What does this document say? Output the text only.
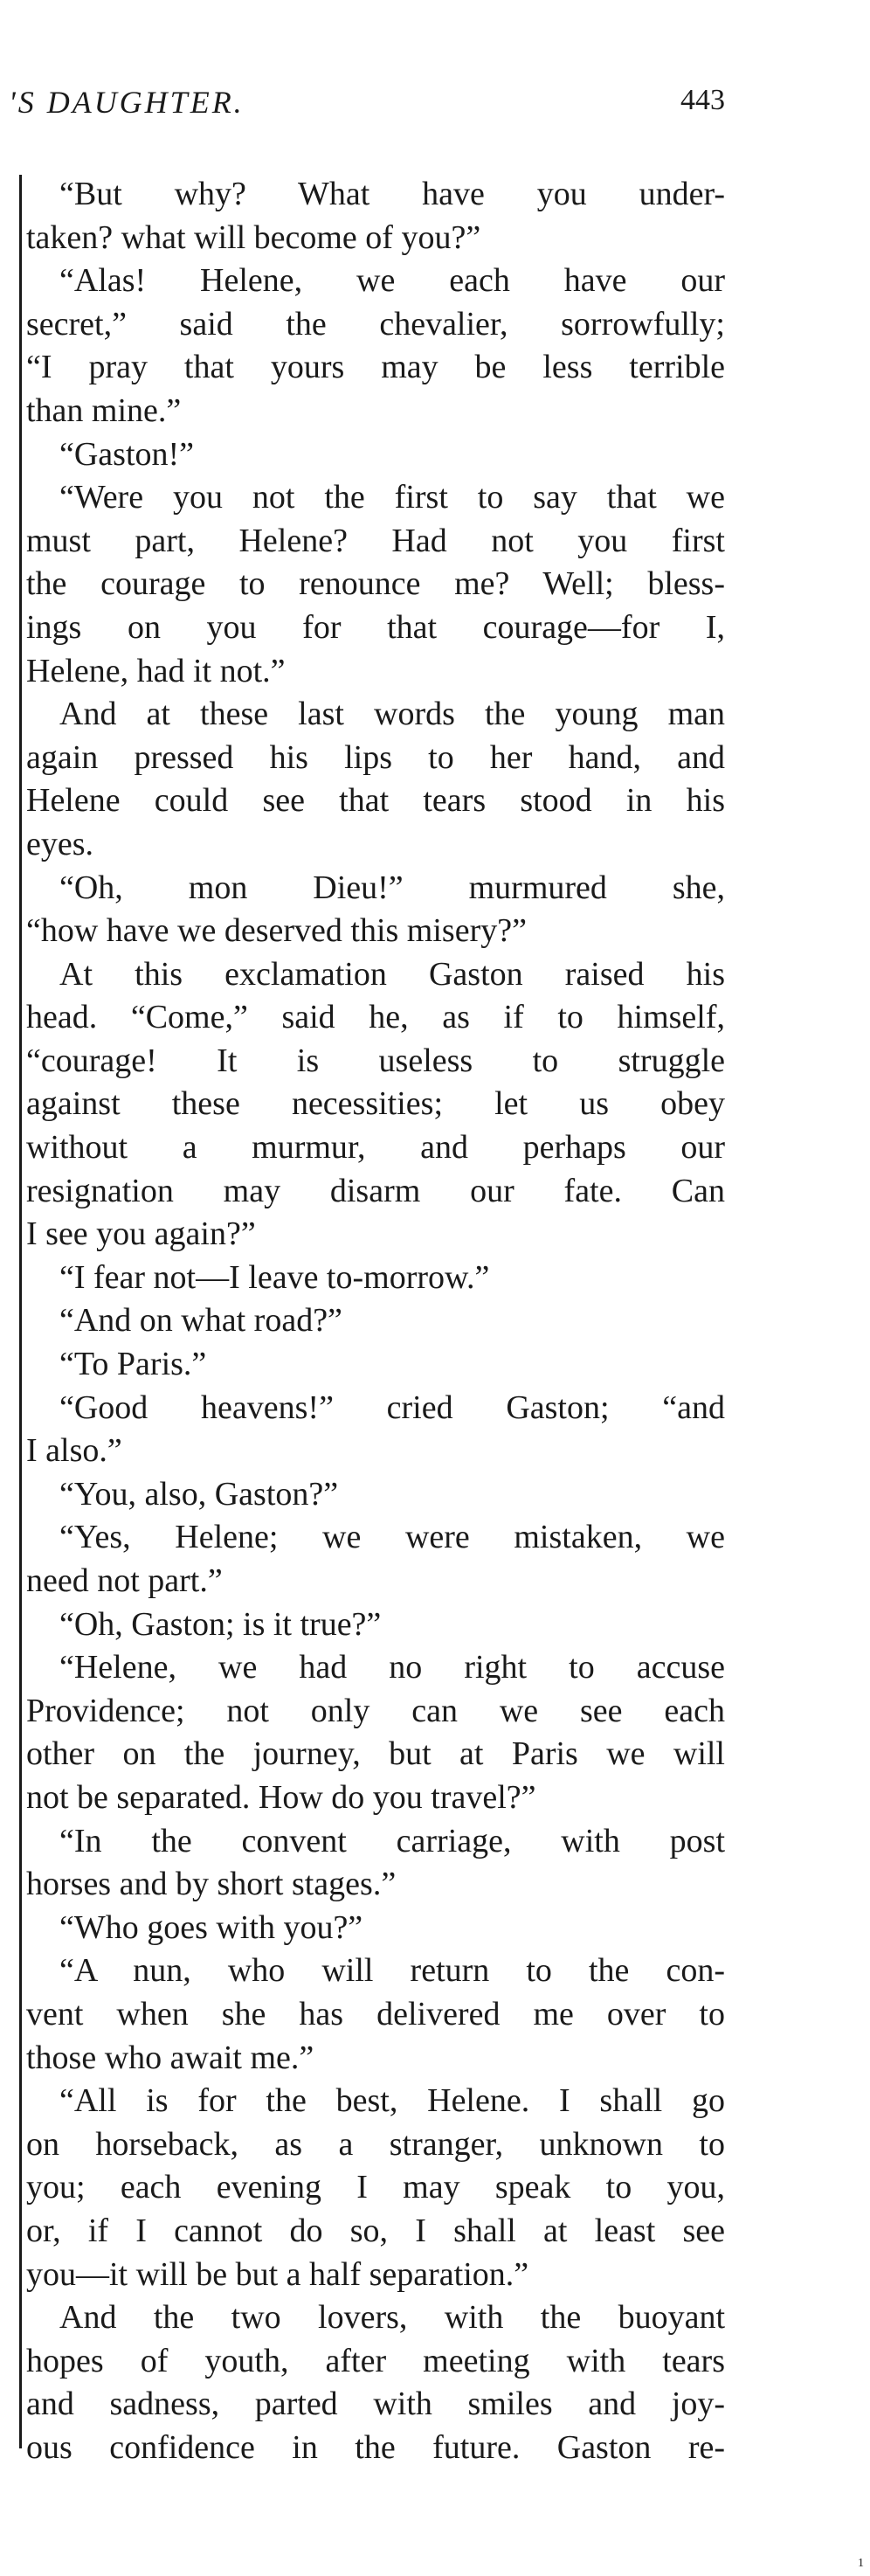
'S DAUGHTER.	443
“But why? What have you under-
taken? what will become of you?”
“Alas! Helene, we each have our
secret,” said the chevalier, sorrowfully;
“I pray that yours may be less terrible
than mine.”
“Gaston!”
“Were you not the first to say that we
must part, Helene? Had not you first
the courage to renounce me? Well; bless-
ings on you for that courage—for I,
Helene, had it not.”
And at these last words the young man
again pressed his lips to her hand, and
Helene could see that tears stood in his
eyes.
“Oh, mon Dieu!” murmured she,
“how have we deserved this misery?”
At this exclamation Gaston raised his
head. “Come,” said he, as if to himself,
“courage! It is useless to struggle
against these necessities; let us obey
without a murmur, and perhaps our
resignation may disarm our fate. Can
I see you again?”
“I fear not—I leave to-morrow.”
“And on what road?”
“To Paris.”
“Good heavens!” cried Gaston; “and
I also.”
“You, also, Gaston?”
“Yes, Helene; we were mistaken, we
need not part.”
“Oh, Gaston; is it true?”
“Helene, we had no right to accuse
Providence; not only can we see each
other on the journey, but at Paris we will
not be separated. How do you travel?”
“In the convent carriage, with post
horses and by short stages.”
“Who goes with you?”
“A nun, who will return to the con-
vent when she has delivered me over to
those who await me.”
“All is for the best, Helene. I shall go
on horseback, as a stranger, unknown to
you; each evening I may speak to you,
or, if I cannot do so, I shall at least see
you—it will be but a half separation.”
And the two lovers, with the buoyant
hopes of youth, after meeting with tears
and sadness, parted with smiles and joy-
ous confidence in the future. Gaston re-
1
